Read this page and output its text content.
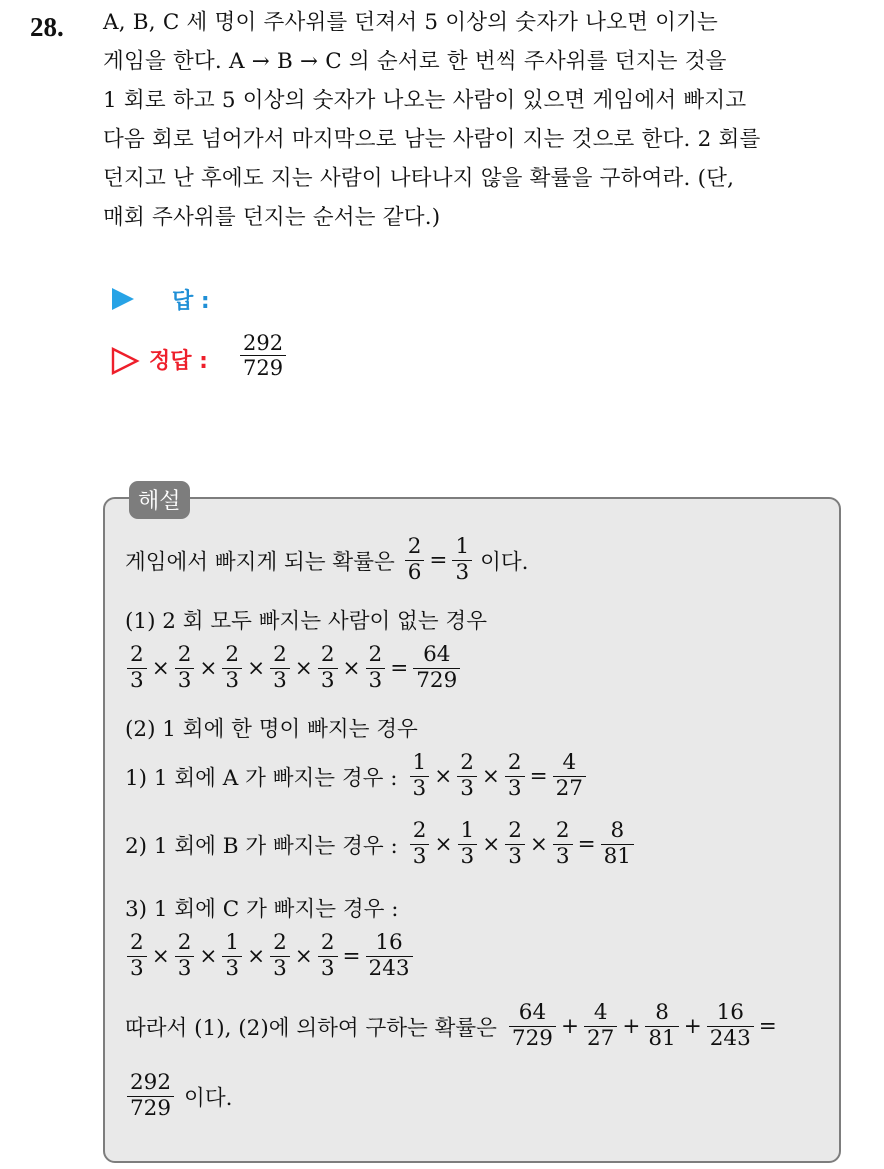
28. A, B, C 세 명이 주사위를 던져서 5 이상의 숫자가 나오면 이기는
게임을 한다. A → B → C 의 순서로 한 번씩 주사위를 던지는 것을
1 회로 하고 5 이상의 숫자가 나오는 사람이 있으면 게임에서 빠지고
다음 회로 넘어가서 마지막으로 남는 사람이 지는 것으로 한다. 2 회를
던지고 난 후에도 지는 사람이 나타나지 않을 확률을 구하여라. (단,
매회 주사위를 던지는 순서는 같다.)
답 :
정답 : $\frac{292}{729}$
해설
게임에서 빠지게 되는 확률은 $\frac{2}{6} = \frac{1}{3}$ 이다.
(1) 2 회 모두 빠지는 사람이 없는 경우
$\frac{2}{3} \times \frac{2}{3} \times \frac{2}{3} \times \frac{2}{3} \times \frac{2}{3} \times \frac{2}{3} = \frac{64}{729}$
(2) 1 회에 한 명이 빠지는 경우
1) 1 회에 A 가 빠지는 경우 : $\frac{1}{3} \times \frac{2}{3} \times \frac{2}{3} = \frac{4}{27}$
2) 1 회에 B 가 빠지는 경우 : $\frac{2}{3} \times \frac{1}{3} \times \frac{2}{3} \times \frac{2}{3} = \frac{8}{81}$
3) 1 회에 C 가 빠지는 경우 :
$\frac{2}{3} \times \frac{2}{3} \times \frac{1}{3} \times \frac{2}{3} \times \frac{2}{3} = \frac{16}{243}$
따라서 (1), (2)에 의하여 구하는 확률은 $\frac{64}{729} + \frac{4}{27} + \frac{8}{81} + \frac{16}{243}$ =
$\frac{292}{729}$ 이다.
